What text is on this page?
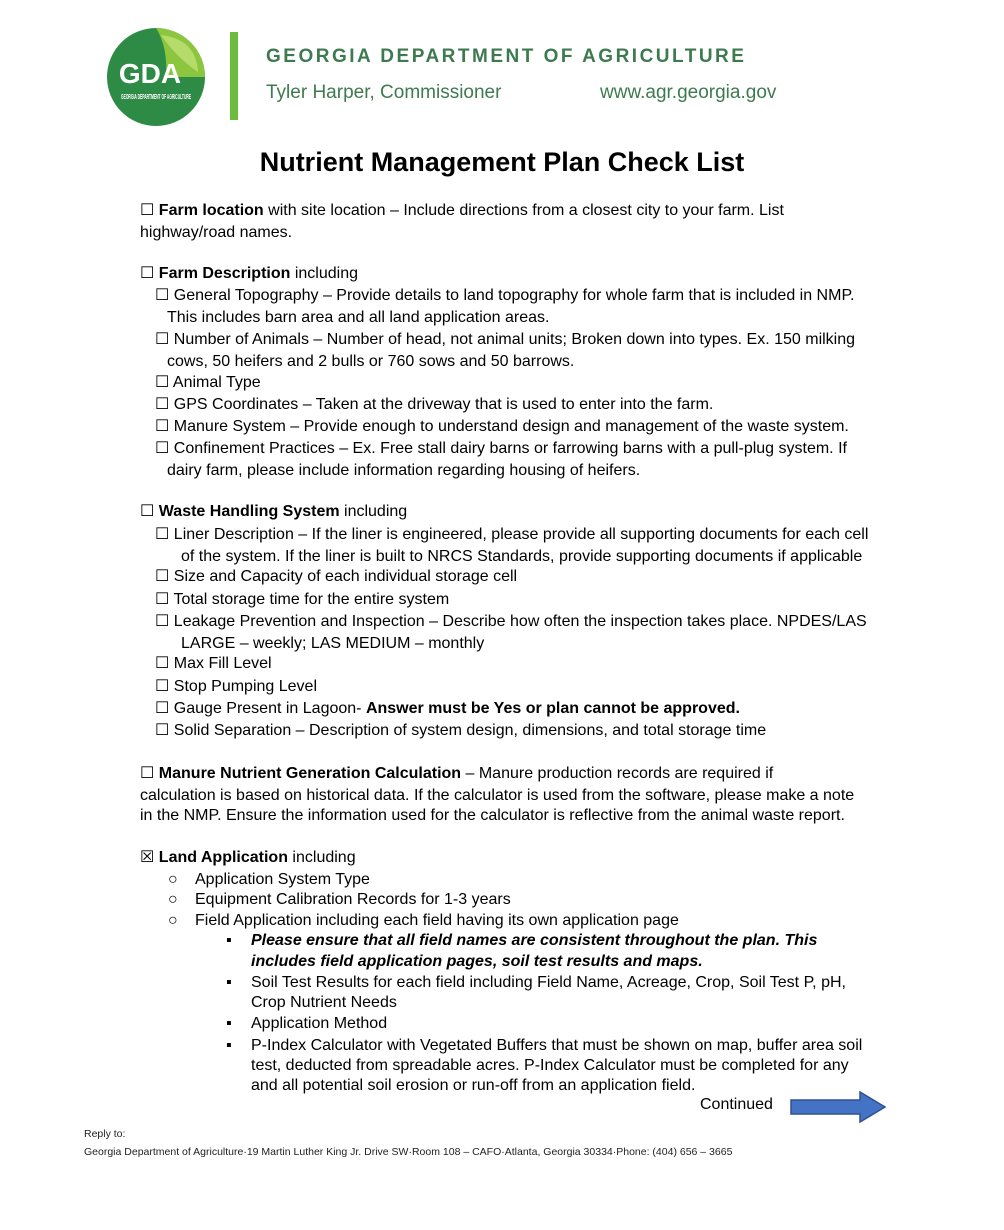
GDA
GEORGIA DEPARTMENT OF AGRICULTURE
GEORGIA DEPARTMENT OF AGRICULTURE
Tyler Harper, Commissioner	www.agr.georgia.gov
Nutrient Management Plan Check List
☐ Farm location with site location – Include directions from a closest city to your farm. List
highway/road names.
☐ Farm Description including
☐ General Topography – Provide details to land topography for whole farm that is included in NMP.
This includes barn area and all land application areas.
☐ Number of Animals – Number of head, not animal units; Broken down into types. Ex. 150 milking
cows, 50 heifers and 2 bulls or 760 sows and 50 barrows.
☐ Animal Type
☐ GPS Coordinates – Taken at the driveway that is used to enter into the farm.
☐ Manure System – Provide enough to understand design and management of the waste system.
☐ Confinement Practices – Ex. Free stall dairy barns or farrowing barns with a pull-plug system. If
dairy farm, please include information regarding housing of heifers.
☐ Waste Handling System including
☐ Liner Description – If the liner is engineered, please provide all supporting documents for each cell
of the system. If the liner is built to NRCS Standards, provide supporting documents if applicable
☐ Size and Capacity of each individual storage cell
☐ Total storage time for the entire system
☐ Leakage Prevention and Inspection – Describe how often the inspection takes place. NPDES/LAS
LARGE – weekly; LAS MEDIUM – monthly
☐ Max Fill Level
☐ Stop Pumping Level
☐ Gauge Present in Lagoon- Answer must be Yes or plan cannot be approved.
☐ Solid Separation – Description of system design, dimensions, and total storage time
☐ Manure Nutrient Generation Calculation – Manure production records are required if
calculation is based on historical data. If the calculator is used from the software, please make a note
in the NMP. Ensure the information used for the calculator is reflective from the animal waste report.
☒ Land Application including
○ Application System Type
○ Equipment Calibration Records for 1-3 years
○ Field Application including each field having its own application page
▪ Please ensure that all field names are consistent throughout the plan. This
includes field application pages, soil test results and maps.
▪ Soil Test Results for each field including Field Name, Acreage, Crop, Soil Test P, pH,
Crop Nutrient Needs
▪ Application Method
▪ P-Index Calculator with Vegetated Buffers that must be shown on map, buffer area soil
test, deducted from spreadable acres. P-Index Calculator must be completed for any
and all potential soil erosion or run-off from an application field.
Continued
Reply to:
Georgia Department of Agriculture·19 Martin Luther King Jr. Drive SW·Room 108 – CAFO·Atlanta, Georgia 30334·Phone: (404) 656 – 3665
